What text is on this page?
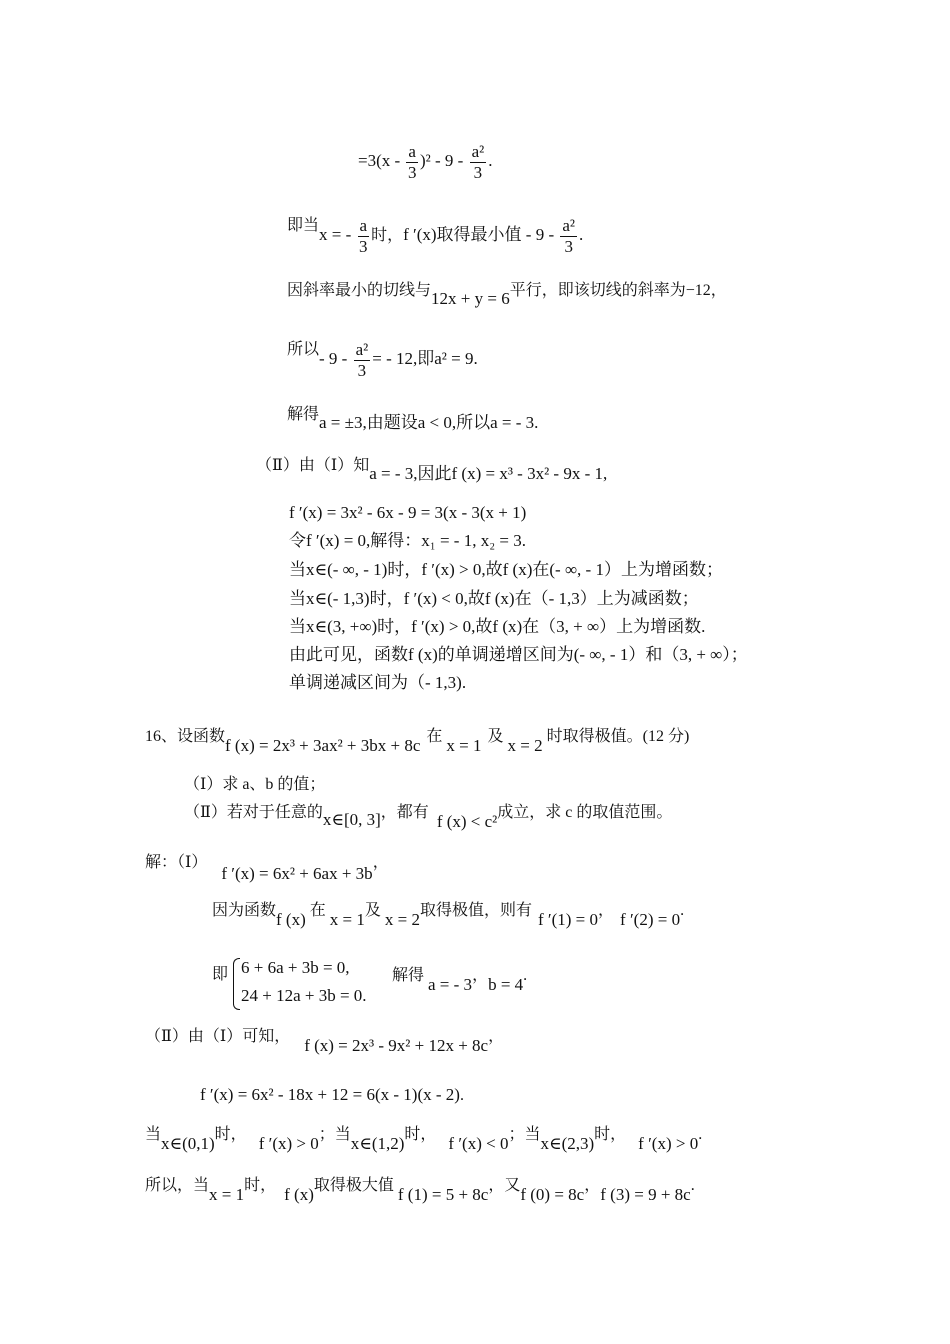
$=3(x - \frac{a}{3} )^2 - 9 - \frac{\text{a²}}{3}$ .
即当x = - $\frac{a}{3}$ 时，f ′(x)取得最小值 - $9 - \frac{\text{a²}}{3}$ .
因斜率最小的切线与12x + y = 6平行，即该切线的斜率为−12，
所以- $9 - \frac{\text{a²}}{3}$ = - 12,即a² = 9.
解得a = ±3,由题设a < 0,所以a = - 3.
（Ⅱ）由（Ⅰ）知a = - 3,因此f (x) = x³ - 3x² - 9x - 1,
f ′(x) = 3x² - 6x - 9 = 3(x - 3(x + 1)
令f ′(x) = 0,解得：x₁ = - 1, x₂ = 3.
当x∈(- ∞, - 1)时，f ′(x) > 0,故f (x)在(- ∞, - 1）上为增函数；
当x∈(- 1,3)时，f ′(x) < 0,故f (x)在（- 1,3）上为减函数；
当x∈(3, +∞)时，f ′(x) > 0,故f (x)在（3, + ∞）上为增函数.
由此可见，函数f (x)的单调递增区间为(- ∞, - 1）和（3, + ∞）；
单调递减区间为（- 1,3).
16、设函数f (x) = 2x³ + 3ax² + 3bx + 8c 在 x = 1 及 x = 2 时取得极值。(12 分)
（Ⅰ）求 a、b 的值；
（Ⅱ）若对于任意的x∈[0, 3]，都有 f (x) < c²成立，求 c 的取值范围。
解：（Ⅰ）f ′(x) = 6x² + 6ax + 3b，
因为函数f (x) 在 x = 1及 x = 2取得极值，则有 f ′(1) = 0， f ′(2) = 0.
即 6 + 6a + 3b = 0,
24 + 12a + 3b = 0.
解得 a = - 3，b = 4.
（Ⅱ）由（Ⅰ）可知， f (x) = 2x³ - 9x² + 12x + 8c，
f ′(x) = 6x² - 18x + 12 = 6(x - 1)(x - 2).
当x∈(0,1)时， f ′(x) > 0；当x∈(1,2)时， f ′(x) < 0；当x∈(2,3)时， f ′(x) > 0.
所以，当x = 1时， f (x)取得极大值 f (1) = 5 + 8c，又f (0) = 8c，f (3) = 9 + 8c.
